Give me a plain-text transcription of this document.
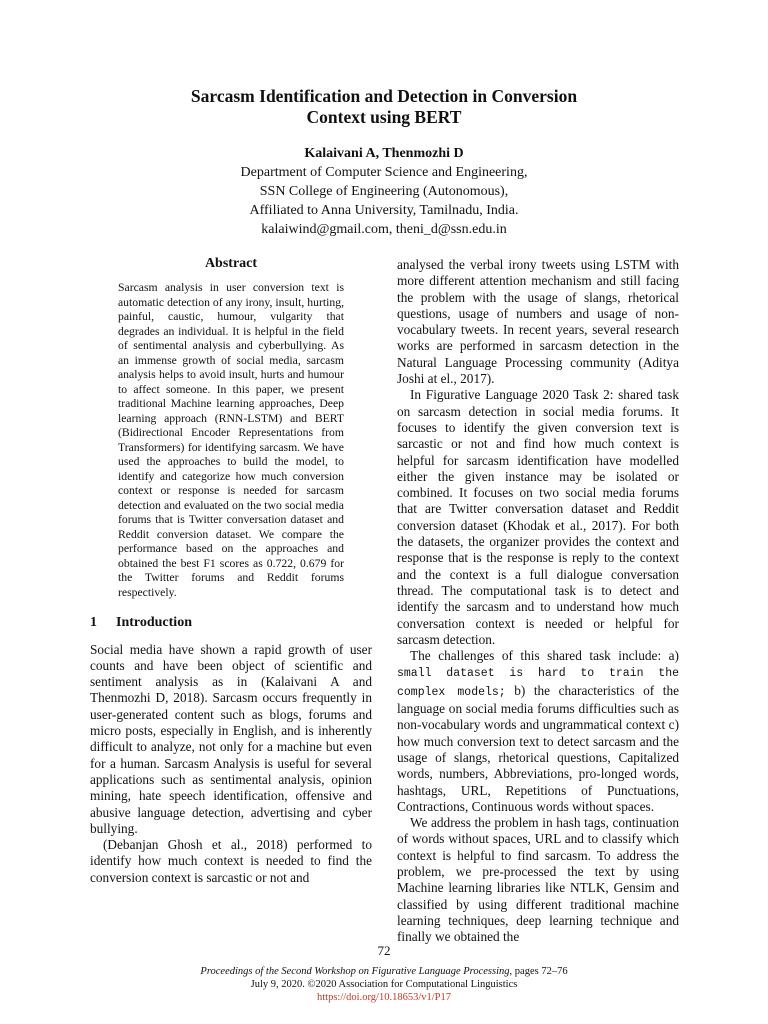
Sarcasm Identification and Detection in Conversion
Context using BERT
Kalaivani A, Thenmozhi D
Department of Computer Science and Engineering,
SSN College of Engineering (Autonomous),
Affiliated to Anna University, Tamilnadu, India.
kalaiwind@gmail.com, theni_d@ssn.edu.in
Abstract
Sarcasm analysis in user conversion text is automatic detection of any irony, insult, hurting, painful, caustic, humour, vulgarity that degrades an individual. It is helpful in the field of sentimental analysis and cyberbullying. As an immense growth of social media, sarcasm analysis helps to avoid insult, hurts and humour to affect someone. In this paper, we present traditional Machine learning approaches, Deep learning approach (RNN-LSTM) and BERT (Bidirectional Encoder Representations from Transformers) for identifying sarcasm. We have used the approaches to build the model, to identify and categorize how much conversion context or response is needed for sarcasm detection and evaluated on the two social media forums that is Twitter conversation dataset and Reddit conversion dataset. We compare the performance based on the approaches and obtained the best F1 scores as 0.722, 0.679 for the Twitter forums and Reddit forums respectively.
1 Introduction

Social media have shown a rapid growth of user counts and have been object of scientific and sentiment analysis as in (Kalaivani A and Thenmozhi D, 2018). Sarcasm occurs frequently in user-generated content such as blogs, forums and micro posts, especially in English, and is inherently difficult to analyze, not only for a machine but even for a human. Sarcasm Analysis is useful for several applications such as sentimental analysis, opinion mining, hate speech identification, offensive and abusive language detection, advertising and cyber bullying.

(Debanjan Ghosh et al., 2018) performed to identify how much context is needed to find the conversion context is sarcastic or not and

analysed the verbal irony tweets using LSTM with more different attention mechanism and still facing the problem with the usage of slangs, rhetorical questions, usage of numbers and usage of non-vocabulary tweets. In recent years, several research works are performed in sarcasm detection in the Natural Language Processing community (Aditya Joshi at el., 2017).

In Figurative Language 2020 Task 2: shared task on sarcasm detection in social media forums. It focuses to identify the given conversion text is sarcastic or not and find how much context is helpful for sarcasm identification have modelled either the given instance may be isolated or combined. It focuses on two social media forums that are Twitter conversation dataset and Reddit conversion dataset (Khodak et al., 2017). For both the datasets, the organizer provides the context and response that is the response is reply to the context and the context is a full dialogue conversation thread. The computational task is to detect and identify the sarcasm and to understand how much conversation context is needed or helpful for sarcasm detection.

The challenges of this shared task include: a) small dataset is hard to train the complex models; b) the characteristics of the language on social media forums difficulties such as non-vocabulary words and ungrammatical context c) how much conversion text to detect sarcasm and the usage of slangs, rhetorical questions, Capitalized words, numbers, Abbreviations, pro-longed words, hashtags, URL, Repetitions of Punctuations, Contractions, Continuous words without spaces.

We address the problem in hash tags, continuation of words without spaces, URL and to classify which context is helpful to find sarcasm. To address the problem, we pre-processed the text by using Machine learning libraries like NTLK, Gensim and classified by using different traditional machine learning techniques, deep learning technique and finally we obtained the

72
Proceedings of the Second Workshop on Figurative Language Processing, pages 72–76
July 9, 2020. ©2020 Association for Computational Linguistics
https://doi.org/10.18653/v1/P17
